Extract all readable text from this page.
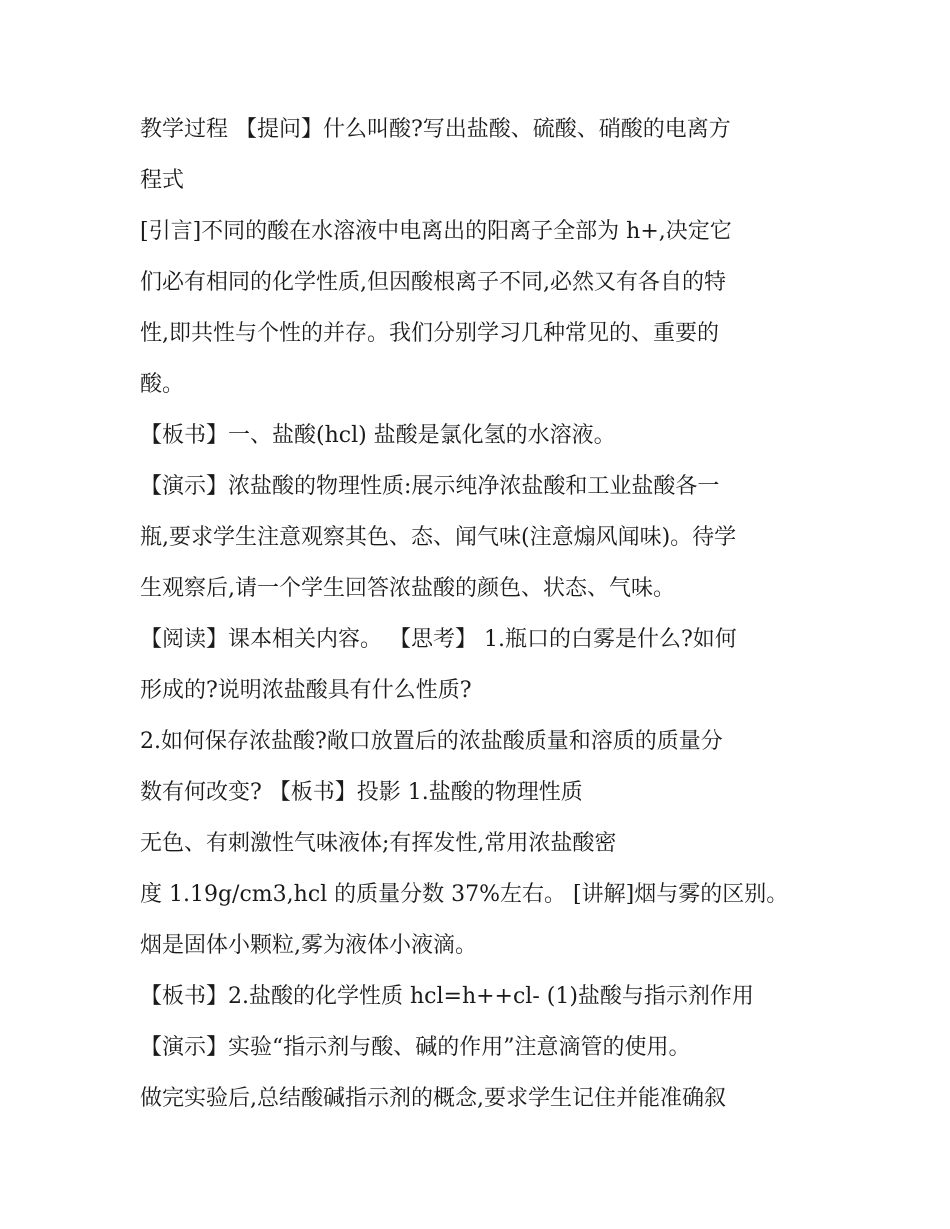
教学过程 【提问】什么叫酸?写出盐酸、硫酸、硝酸的电离方
程式
[引言]不同的酸在水溶液中电离出的阳离子全部为 h+,决定它
们必有相同的化学性质,但因酸根离子不同,必然又有各自的特
性,即共性与个性的并存。我们分别学习几种常见的、重要的
酸。
【板书】一、盐酸(hcl) 盐酸是氯化氢的水溶液。
【演示】浓盐酸的物理性质:展示纯净浓盐酸和工业盐酸各一
瓶,要求学生注意观察其色、态、闻气味(注意煽风闻味)。待学
生观察后,请一个学生回答浓盐酸的颜色、状态、气味。
【阅读】课本相关内容。 【思考】 1.瓶口的白雾是什么?如何
形成的?说明浓盐酸具有什么性质?
2.如何保存浓盐酸?敞口放置后的浓盐酸质量和溶质的质量分
数有何改变? 【板书】投影 1.盐酸的物理性质
无色、有刺激性气味液体;有挥发性,常用浓盐酸密
度 1.19g/cm3,hcl 的质量分数 37%左右。 [讲解]烟与雾的区别。
烟是固体小颗粒,雾为液体小液滴。
【板书】2.盐酸的化学性质 hcl=h++cl- (1)盐酸与指示剂作用
【演示】实验“指示剂与酸、碱的作用”注意滴管的使用。
做完实验后,总结酸碱指示剂的概念,要求学生记住并能准确叙
